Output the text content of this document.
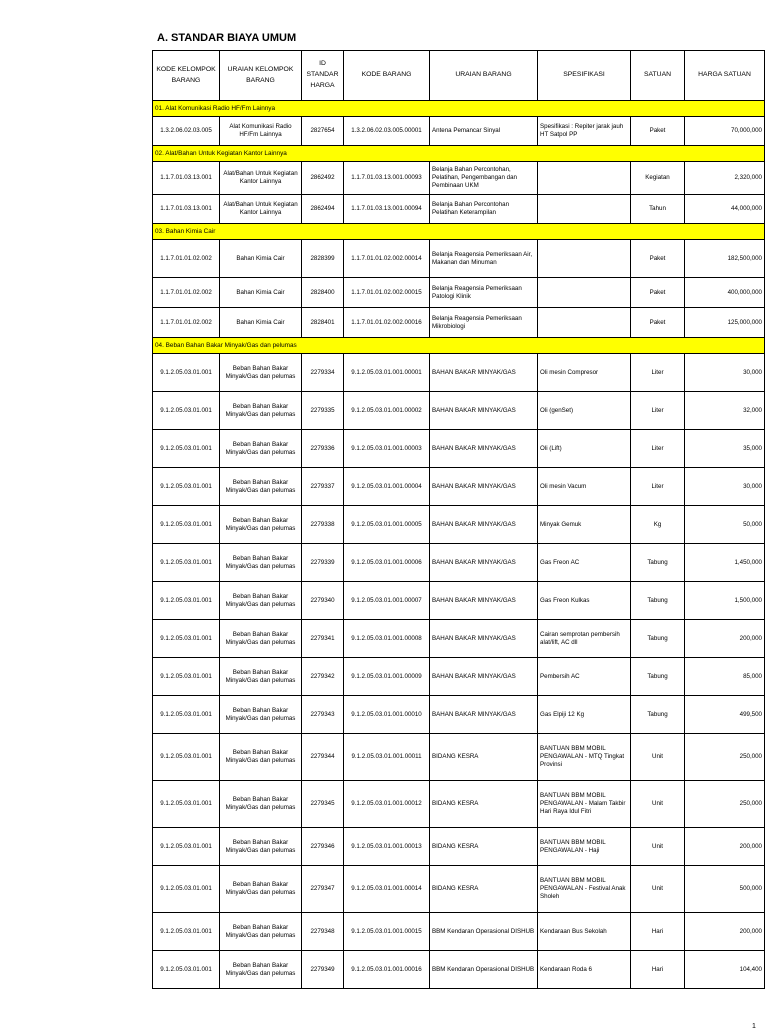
A. STANDAR BIAYA UMUM
KODE KELOMPOK BARANG	URAIAN KELOMPOK BARANG	ID STANDAR HARGA	KODE BARANG	URAIAN BARANG	SPESIFIKASI	SATUAN	HARGA SATUAN
01. Alat Komunikasi Radio HF/Fm Lainnya							
1.3.2.06.02.03.005	Alat Komunikasi Radio HF/Fm Lainnya	2827654	1.3.2.06.02.03.005.00001	Antena Pemancar Sinyal	Spesifikasi : Repiter jarak jauh HT Satpol PP	Paket	70,000,000
02. Alat/Bahan Untuk Kegiatan Kantor Lainnya							
1.1.7.01.03.13.001	Alat/Bahan Untuk Kegiatan Kantor Lainnya	2862492	1.1.7.01.03.13.001.00093	Belanja Bahan Percontohan, Pelatihan, Pengembangan dan Pembinaan UKM		Kegiatan	2,320,000
1.1.7.01.03.13.001	Alat/Bahan Untuk Kegiatan Kantor Lainnya	2862494	1.1.7.01.03.13.001.00094	Belanja Bahan Percontohan Pelatihan Keterampilan		Tahun	44,000,000
03. Bahan Kimia Cair							
1.1.7.01.01.02.002	Bahan Kimia Cair	2828399	1.1.7.01.01.02.002.00014	Belanja Reagensia Pemeriksaan Air, Makanan dan Minuman		Paket	182,500,000
1.1.7.01.01.02.002	Bahan Kimia Cair	2828400	1.1.7.01.01.02.002.00015	Belanja Reagensia Pemeriksaan Patologi Klinik		Paket	400,000,000
1.1.7.01.01.02.002	Bahan Kimia Cair	2828401	1.1.7.01.01.02.002.00016	Belanja Reagensia Pemeriksaan Mikrobiologi		Paket	125,000,000
04. Beban Bahan Bakar Minyak/Gas dan pelumas							
9.1.2.05.03.01.001	Beban Bahan Bakar Minyak/Gas dan pelumas	2279334	9.1.2.05.03.01.001.00001	BAHAN BAKAR MINYAK/GAS	Oli mesin Compresor	Liter	30,000
9.1.2.05.03.01.001	Beban Bahan Bakar Minyak/Gas dan pelumas	2279335	9.1.2.05.03.01.001.00002	BAHAN BAKAR MINYAK/GAS	Oli (genSet)	Liter	32,000
9.1.2.05.03.01.001	Beban Bahan Bakar Minyak/Gas dan pelumas	2279336	9.1.2.05.03.01.001.00003	BAHAN BAKAR MINYAK/GAS	Oli (Lift)	Liter	35,000
9.1.2.05.03.01.001	Beban Bahan Bakar Minyak/Gas dan pelumas	2279337	9.1.2.05.03.01.001.00004	BAHAN BAKAR MINYAK/GAS	Oli mesin Vacum	Liter	30,000
9.1.2.05.03.01.001	Beban Bahan Bakar Minyak/Gas dan pelumas	2279338	9.1.2.05.03.01.001.00005	BAHAN BAKAR MINYAK/GAS	Minyak Gemuk	Kg	50,000
9.1.2.05.03.01.001	Beban Bahan Bakar Minyak/Gas dan pelumas	2279339	9.1.2.05.03.01.001.00006	BAHAN BAKAR MINYAK/GAS	Gas Freon AC	Tabung	1,450,000
9.1.2.05.03.01.001	Beban Bahan Bakar Minyak/Gas dan pelumas	2279340	9.1.2.05.03.01.001.00007	BAHAN BAKAR MINYAK/GAS	Gas Freon Kulkas	Tabung	1,500,000
9.1.2.05.03.01.001	Beban Bahan Bakar Minyak/Gas dan pelumas	2279341	9.1.2.05.03.01.001.00008	BAHAN BAKAR MINYAK/GAS	Cairan semprotan pembersih alat/lift, AC dll	Tabung	200,000
9.1.2.05.03.01.001	Beban Bahan Bakar Minyak/Gas dan pelumas	2279342	9.1.2.05.03.01.001.00009	BAHAN BAKAR MINYAK/GAS	Pembersih AC	Tabung	85,000
9.1.2.05.03.01.001	Beban Bahan Bakar Minyak/Gas dan pelumas	2279343	9.1.2.05.03.01.001.00010	BAHAN BAKAR MINYAK/GAS	Gas Elpiji 12 Kg	Tabung	499,500
9.1.2.05.03.01.001	Beban Bahan Bakar Minyak/Gas dan pelumas	2279344	9.1.2.05.03.01.001.00011	BIDANG KESRA	BANTUAN BBM MOBIL PENGAWALAN - MTQ Tingkat Provinsi	Unit	250,000
9.1.2.05.03.01.001	Beban Bahan Bakar Minyak/Gas dan pelumas	2279345	9.1.2.05.03.01.001.00012	BIDANG KESRA	BANTUAN BBM MOBIL PENGAWALAN - Malam Takbir Hari Raya Idul Fitri	Unit	250,000
9.1.2.05.03.01.001	Beban Bahan Bakar Minyak/Gas dan pelumas	2279346	9.1.2.05.03.01.001.00013	BIDANG KESRA	BANTUAN BBM MOBIL PENGAWALAN - Haji	Unit	200,000
9.1.2.05.03.01.001	Beban Bahan Bakar Minyak/Gas dan pelumas	2279347	9.1.2.05.03.01.001.00014	BIDANG KESRA	BANTUAN BBM MOBIL PENGAWALAN - Festival Anak Sholeh	Unit	500,000
9.1.2.05.03.01.001	Beban Bahan Bakar Minyak/Gas dan pelumas	2279348	9.1.2.05.03.01.001.00015	BBM Kendaran Operasional DISHUB	Kendaraan Bus Sekolah	Hari	200,000
9.1.2.05.03.01.001	Beban Bahan Bakar Minyak/Gas dan pelumas	2279349	9.1.2.05.03.01.001.00016	BBM Kendaran Operasional DISHUB	Kendaraan Roda 6	Hari	104,400
1
